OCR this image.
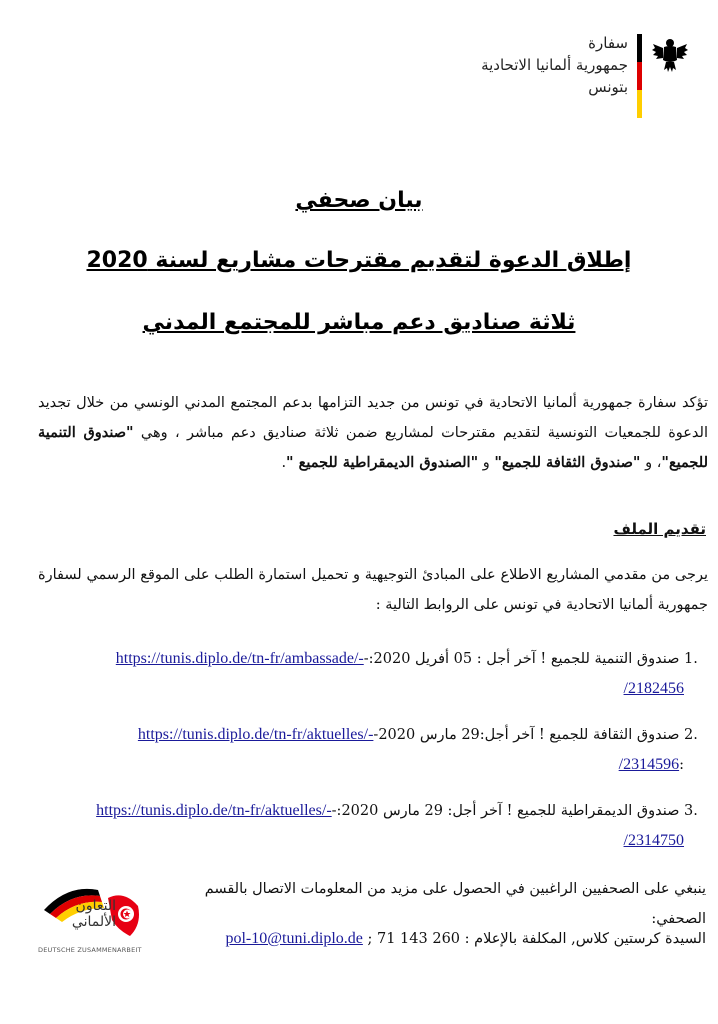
سفارة
جمهورية ألمانيا الاتحادية
بتونس
بيان صحفي
إطلاق الدعوة لتقديم مقترحات مشاريع لسنة 2020
ثلاثة صناديق دعم مباشر للمجتمع المدني
تؤكد سفارة جمهورية ألمانيا الاتحادية في تونس من جديد التزامها بدعم المجتمع المدني الونسي من خلال تجديد الدعوة للجمعيات التونسية لتقديم مقترحات لمشاريع ضمن ثلاثة صناديق دعم مباشر ، وهي "صندوق التنمية للجميع"، و "صندوق الثقافة للجميع" و "الصندوق الديمقراطية للجميع ".
تقديم الملف
يرجى من مقدمي المشاريع الاطلاع على المبادئ التوجيهية و تحميل استمارة الطلب على الموقع الرسمي لسفارة جمهورية ألمانيا الاتحادية في تونس على الروابط التالية :
.1 صندوق التنمية للجميع ! آخر أجل : 05 أفريل 2020:-https://tunis.diplo.de/tn-fr/ambassade/-
/2182456
.2 صندوق الثقافة للجميع ! آخر أجل:29 مارس 2020-https://tunis.diplo.de/tn-fr/aktuelles/-
:/2314596
.3 صندوق الديمقراطية للجميع ! آخر أجل: 29 مارس 2020:-https://tunis.diplo.de/tn-fr/aktuelles/-
/2314750
ينبغي على الصحفيين الراغبين في الحصول على مزيد من المعلومات الاتصال بالقسم الصحفي:
السيدة كرستين كلاس, المكلفة بالإعلام : 260 143 71 ; pol-10@tuni.diplo.de
التعاون
الألماني
DEUTSCHE ZUSAMMENARBEIT
